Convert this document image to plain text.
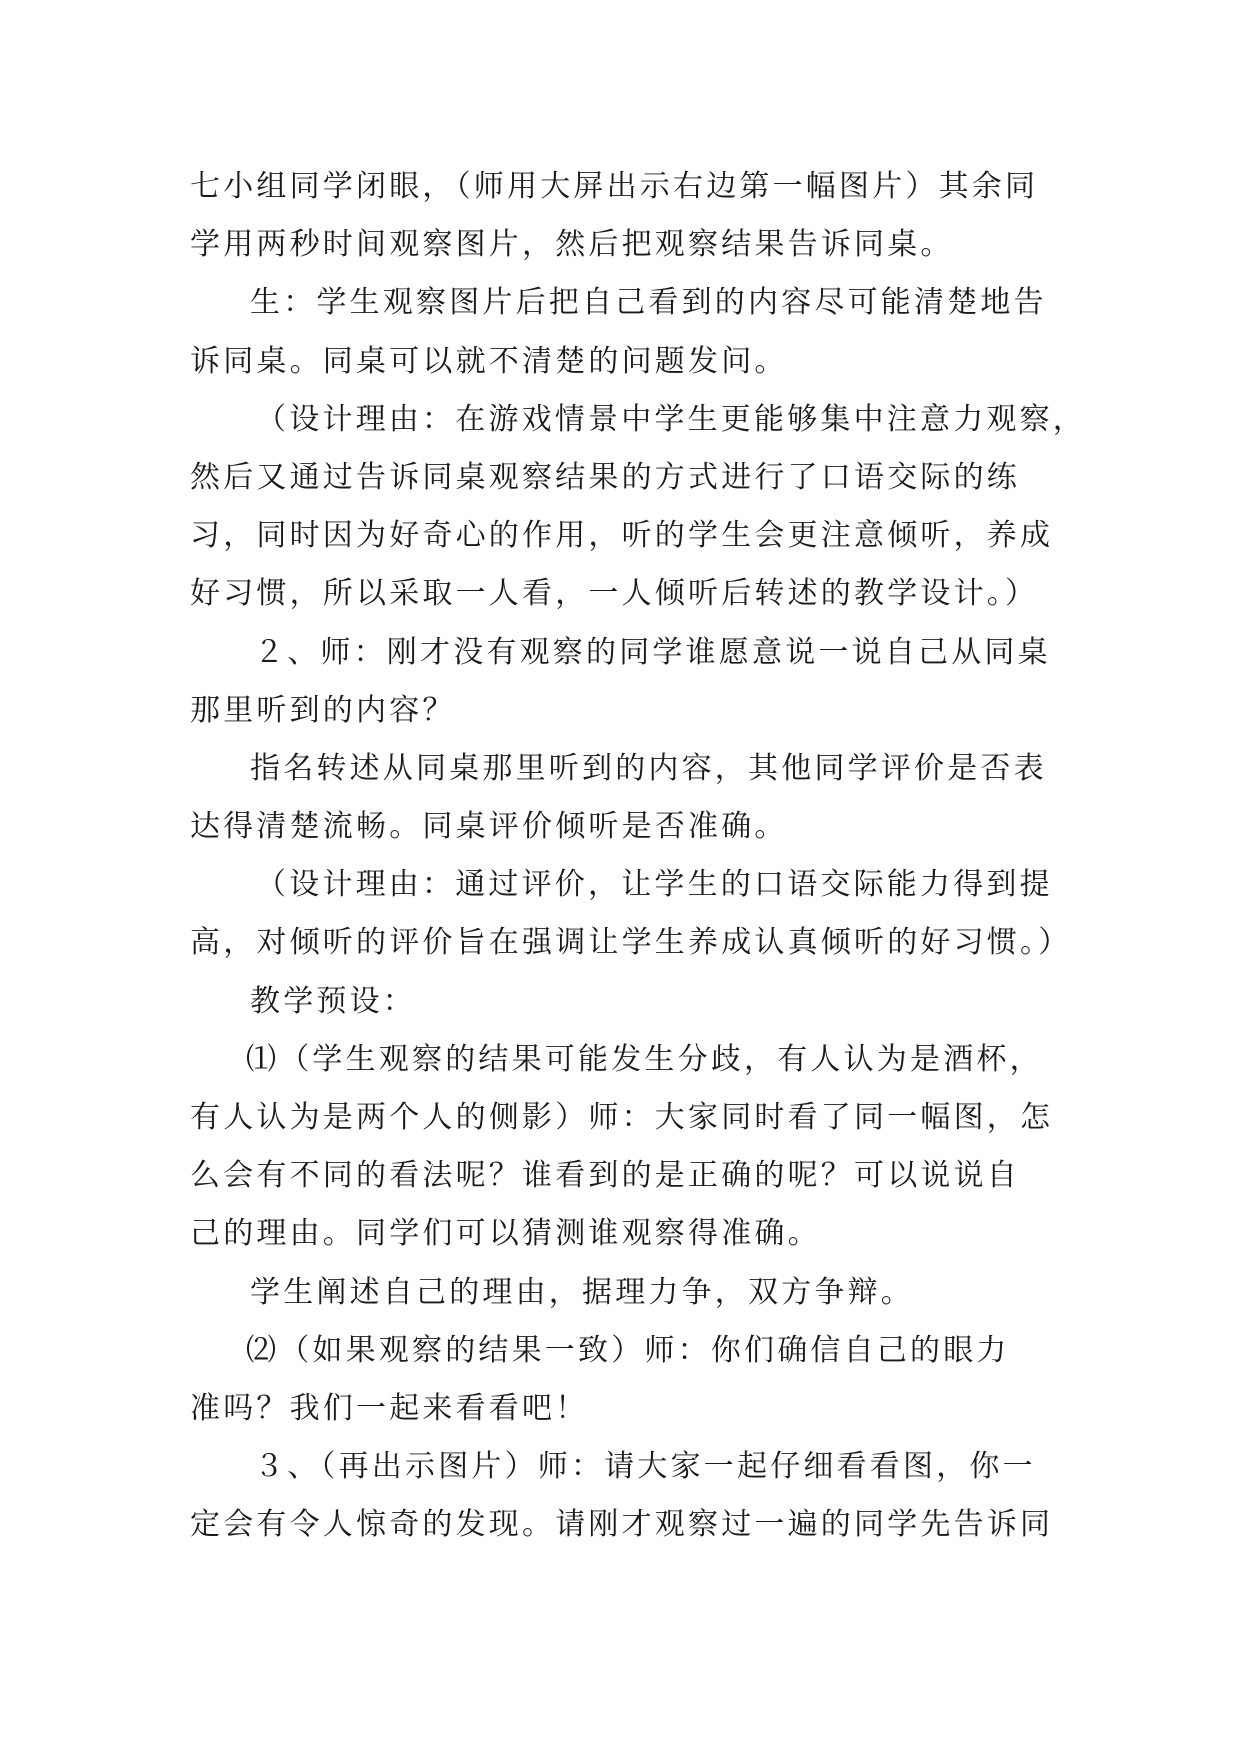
七小组同学闭眼，（师用大屏出示右边第一幅图片）其余同

学用两秒时间观察图片，然后把观察结果告诉同桌。

生：学生观察图片后把自己看到的内容尽可能清楚地告

诉同桌。同桌可以就不清楚的问题发问。

（设计理由：在游戏情景中学生更能够集中注意力观察，

然后又通过告诉同桌观察结果的方式进行了口语交际的练

习，同时因为好奇心的作用，听的学生会更注意倾听，养成

好习惯，所以采取一人看，一人倾听后转述的教学设计。）

２、师：刚才没有观察的同学谁愿意说一说自己从同桌

那里听到的内容？

指名转述从同桌那里听到的内容，其他同学评价是否表

达得清楚流畅。同桌评价倾听是否准确。

（设计理由：通过评价，让学生的口语交际能力得到提

高，对倾听的评价旨在强调让学生养成认真倾听的好习惯。）

教学预设：

⑴（学生观察的结果可能发生分歧，有人认为是酒杯，

有人认为是两个人的侧影）师：大家同时看了同一幅图，怎

么会有不同的看法呢？谁看到的是正确的呢？可以说说自

己的理由。同学们可以猜测谁观察得准确。

学生阐述自己的理由，据理力争，双方争辩。

⑵（如果观察的结果一致）师：你们确信自己的眼力

准吗？我们一起来看看吧！

３、（再出示图片）师：请大家一起仔细看看图，你一

定会有令人惊奇的发现。请刚才观察过一遍的同学先告诉同
